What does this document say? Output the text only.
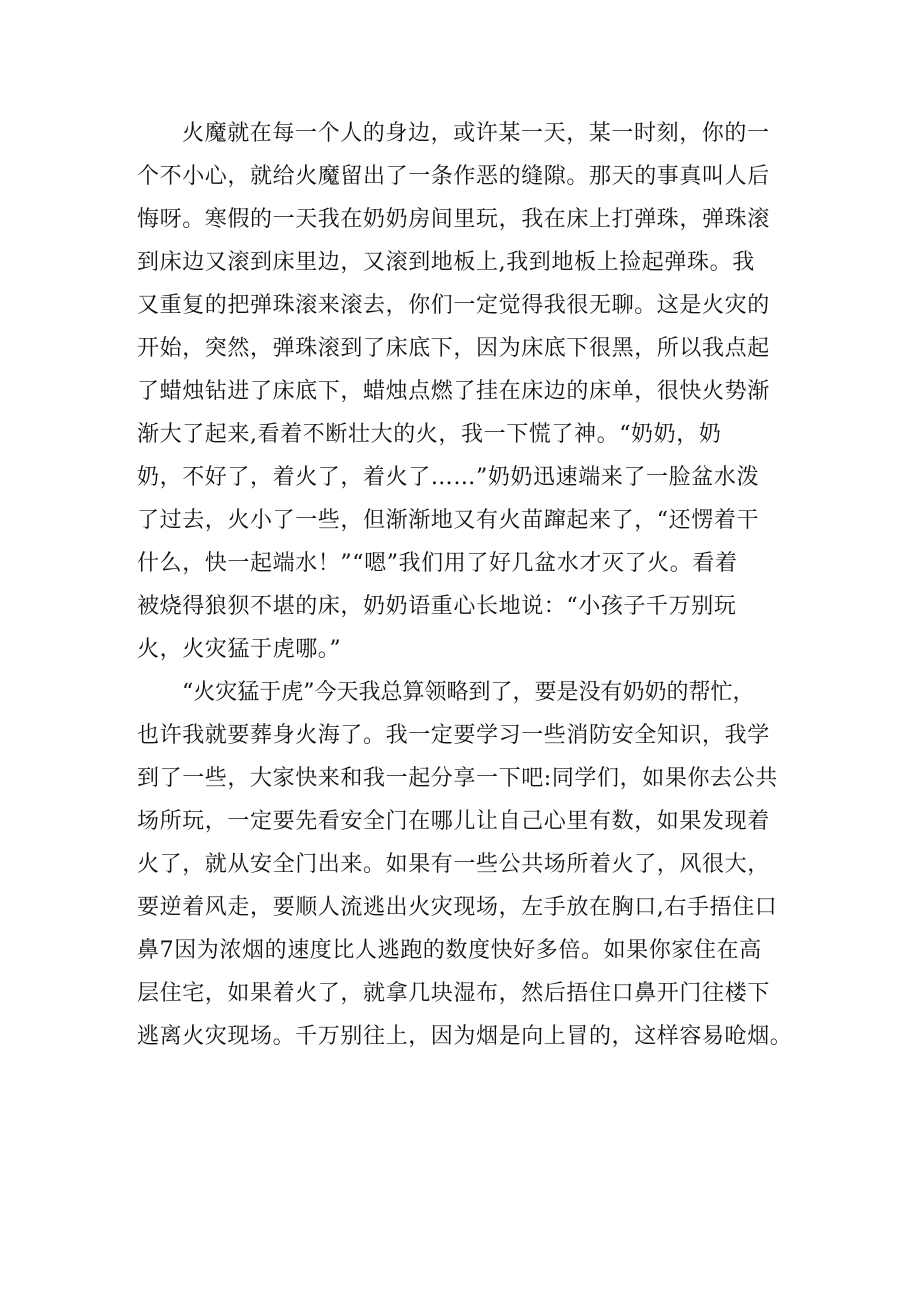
火魔就在每一个人的身边，或许某一天，某一时刻，你的一

个不小心，就给火魔留出了一条作恶的缝隙。那天的事真叫人后

悔呀。寒假的一天我在奶奶房间里玩，我在床上打弹珠，弹珠滚

到床边又滚到床里边，又滚到地板上,我到地板上捡起弹珠。我

又重复的把弹珠滚来滚去，你们一定觉得我很无聊。这是火灾的

开始，突然，弹珠滚到了床底下，因为床底下很黑，所以我点起

了蜡烛钻进了床底下，蜡烛点燃了挂在床边的床单，很快火势渐

渐大了起来,看着不断壮大的火，我一下慌了神。“奶奶，奶

奶，不好了，着火了，着火了……”奶奶迅速端来了一脸盆水泼

了过去，火小了一些，但渐渐地又有火苗蹿起来了，“还愣着干

什么，快一起端水！”“嗯”我们用了好几盆水才灭了火。看着

被烧得狼狈不堪的床，奶奶语重心长地说：“小孩子千万别玩

火，火灾猛于虎哪。”

“火灾猛于虎”今天我总算领略到了，要是没有奶奶的帮忙，

也许我就要葬身火海了。我一定要学习一些消防安全知识，我学

到了一些，大家快来和我一起分享一下吧:同学们，如果你去公共

场所玩，一定要先看安全门在哪儿让自己心里有数，如果发现着

火了，就从安全门出来。如果有一些公共场所着火了，风很大，

要逆着风走，要顺人流逃出火灾现场，左手放在胸口,右手捂住口

鼻7因为浓烟的速度比人逃跑的数度快好多倍。如果你家住在高

层住宅，如果着火了，就拿几块湿布，然后捂住口鼻开门往楼下

逃离火灾现场。千万别往上，因为烟是向上冒的，这样容易呛烟。
